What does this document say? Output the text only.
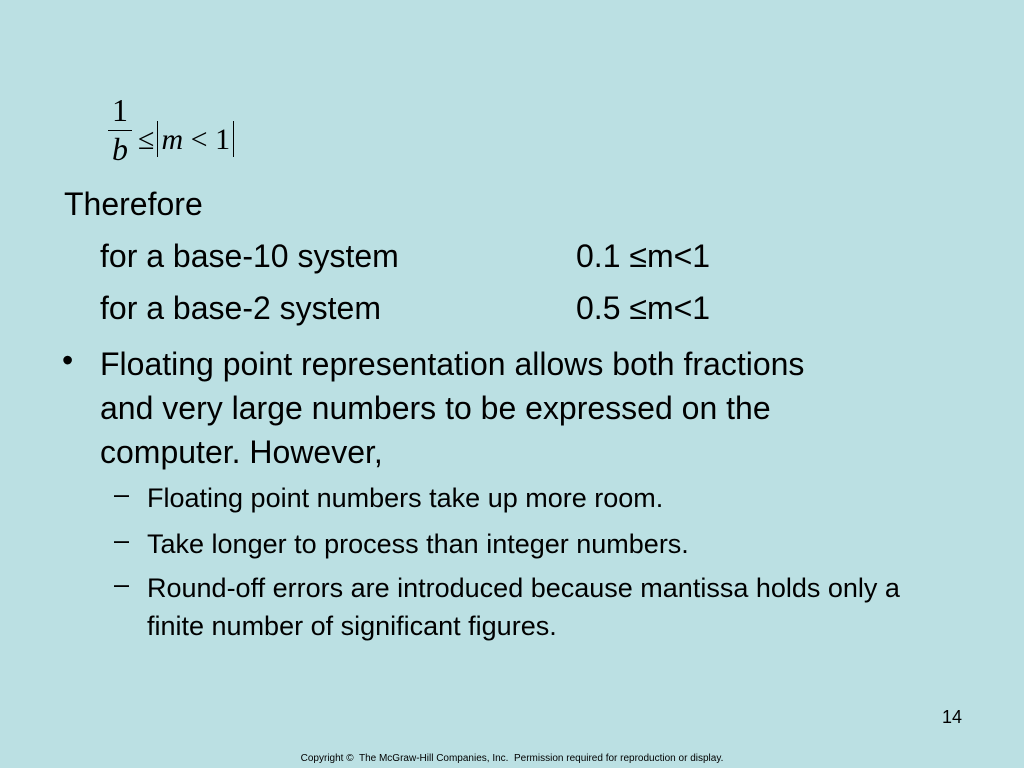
1
b ≤ m < 1
Therefore
for a base-10 system	0.1 ≤m<1
for a base-2 system	0.5 ≤m<1
• Floating point representation allows both fractions and very large numbers to be expressed on the computer. However,
– Floating point numbers take up more room.
– Take longer to process than integer numbers.
– Round-off errors are introduced because mantissa holds only a finite number of significant figures.
14
Copyright ©  The McGraw-Hill Companies, Inc.  Permission required for reproduction or display.
